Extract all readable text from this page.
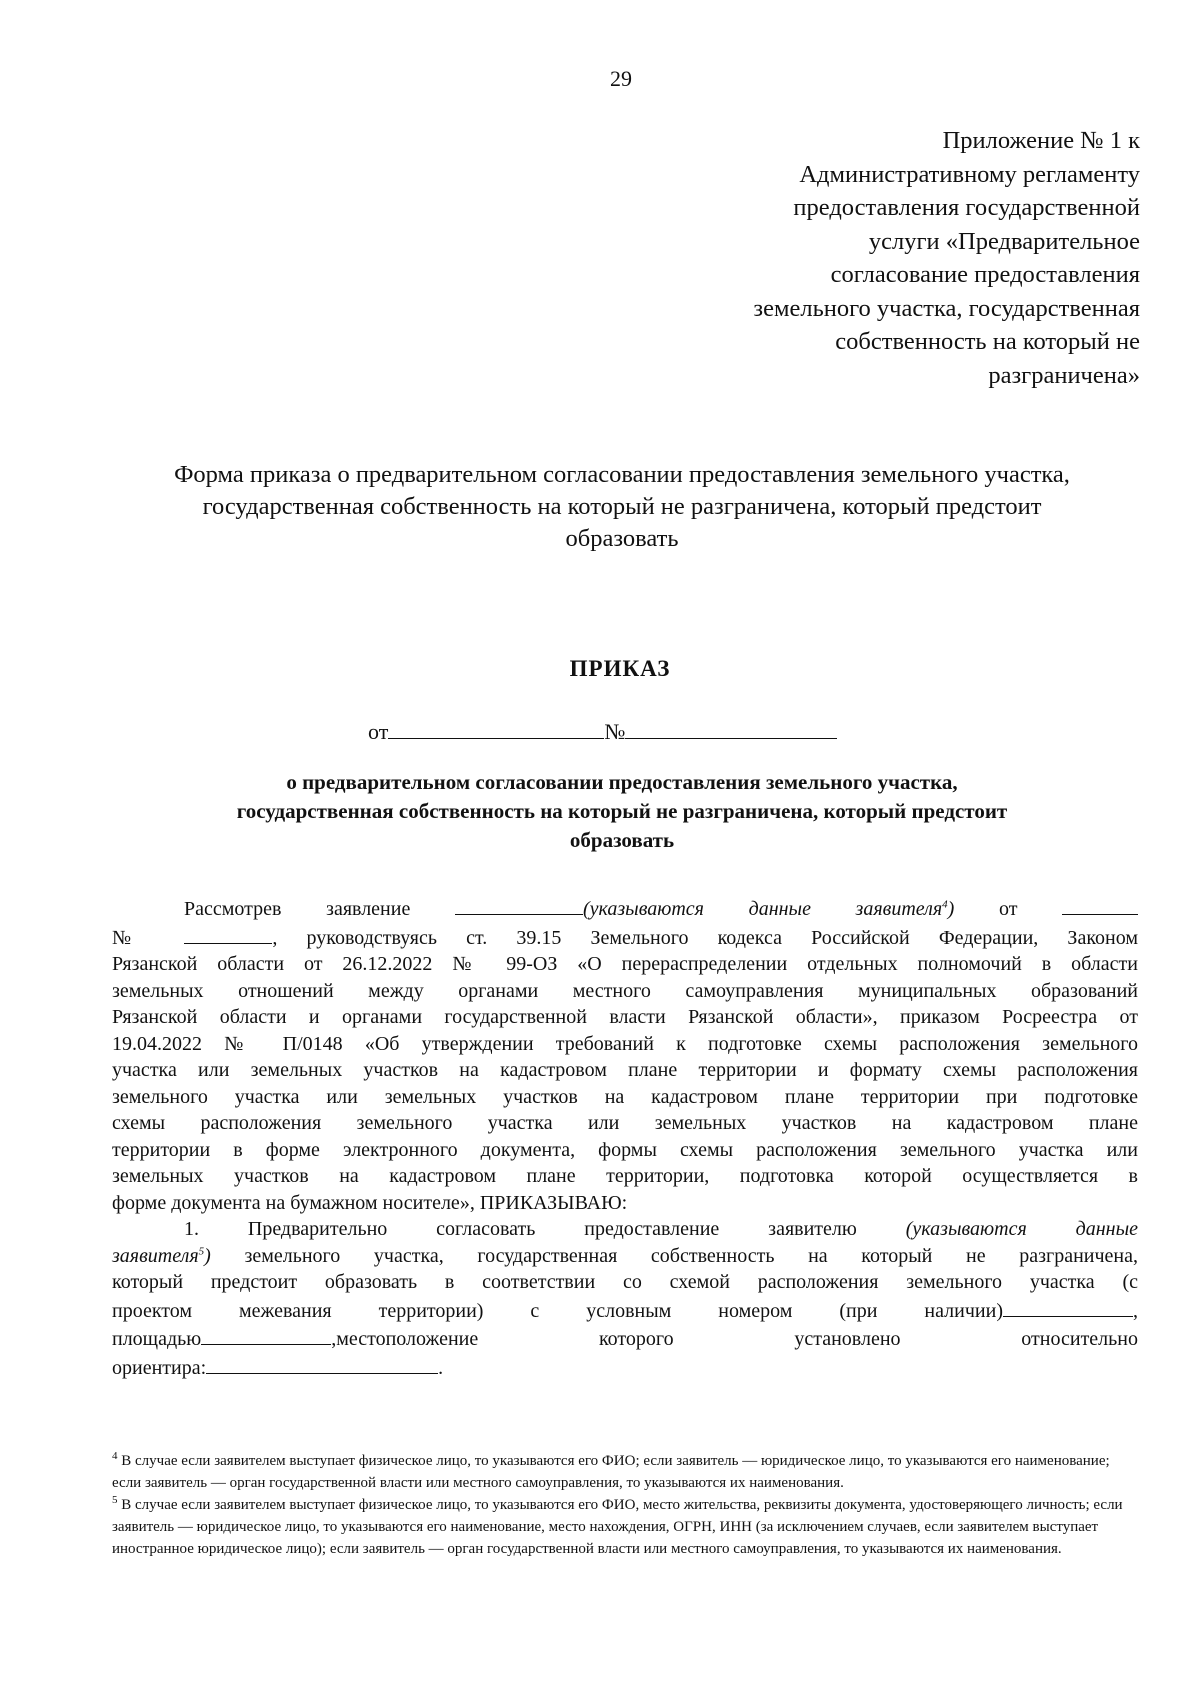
29
Приложение № 1 к
Административному регламенту
предоставления государственной
услуги «Предварительное
согласование предоставления
земельного участка, государственная
собственность на который не
разграничена»
Форма приказа о предварительном согласовании предоставления земельного участка,
государственная собственность на который не разграничена, который предстоит
образовать
ПРИКАЗ
от	№
о предварительном согласовании предоставления земельного участка,
государственная собственность на который не разграничена, который предстоит
образовать
Рассмотрев заявление	(указываются данные заявителя$^4$) от
№	, руководствуясь ст. 39.15 Земельного кодекса Российской Федерации, Законом
Рязанской области от 26.12.2022 № 99-ОЗ «О перераспределении отдельных полномочий в области
земельных отношений между органами местного самоуправления муниципальных образований
Рязанской области и органами государственной власти Рязанской области», приказом Росреестра от
19.04.2022 № П/0148 «Об утверждении требований к подготовке схемы расположения земельного
участка или земельных участков на кадастровом плане территории и формату схемы расположения
земельного участка или земельных участков на кадастровом плане территории при подготовке
схемы расположения земельного участка или земельных участков на кадастровом плане
территории в форме электронного документа, формы схемы расположения земельного участка или
земельных участков на кадастровом плане территории, подготовка которой осуществляется в
форме документа на бумажном носителе», ПРИКАЗЫВАЮ:
1. Предварительно согласовать предоставление заявителю (указываются данные
заявителя$^5$) земельного участка, государственная собственность на который не разграничена,
который предстоит образовать в соответствии со схемой расположения земельного участка (с
проектом межевания территории) с условным номером (при наличии)	,
площадью	,местоположение которого установлено относительно
ориентира:	.

$^4$ В случае если заявителем выступает физическое лицо, то указываются его ФИО; если заявитель — юридическое лицо, то указываются его наименование; если заявитель — орган государственной власти или местного самоуправления, то указываются их наименования.

$^5$ В случае если заявителем выступает физическое лицо, то указываются его ФИО, место жительства, реквизиты документа, удостоверяющего личность; если заявитель — юридическое лицо, то указываются его наименование, место нахождения, ОГРН, ИНН (за исключением случаев, если заявителем выступает иностранное юридическое лицо); если заявитель — орган государственной власти или местного самоуправления, то указываются их наименования.
